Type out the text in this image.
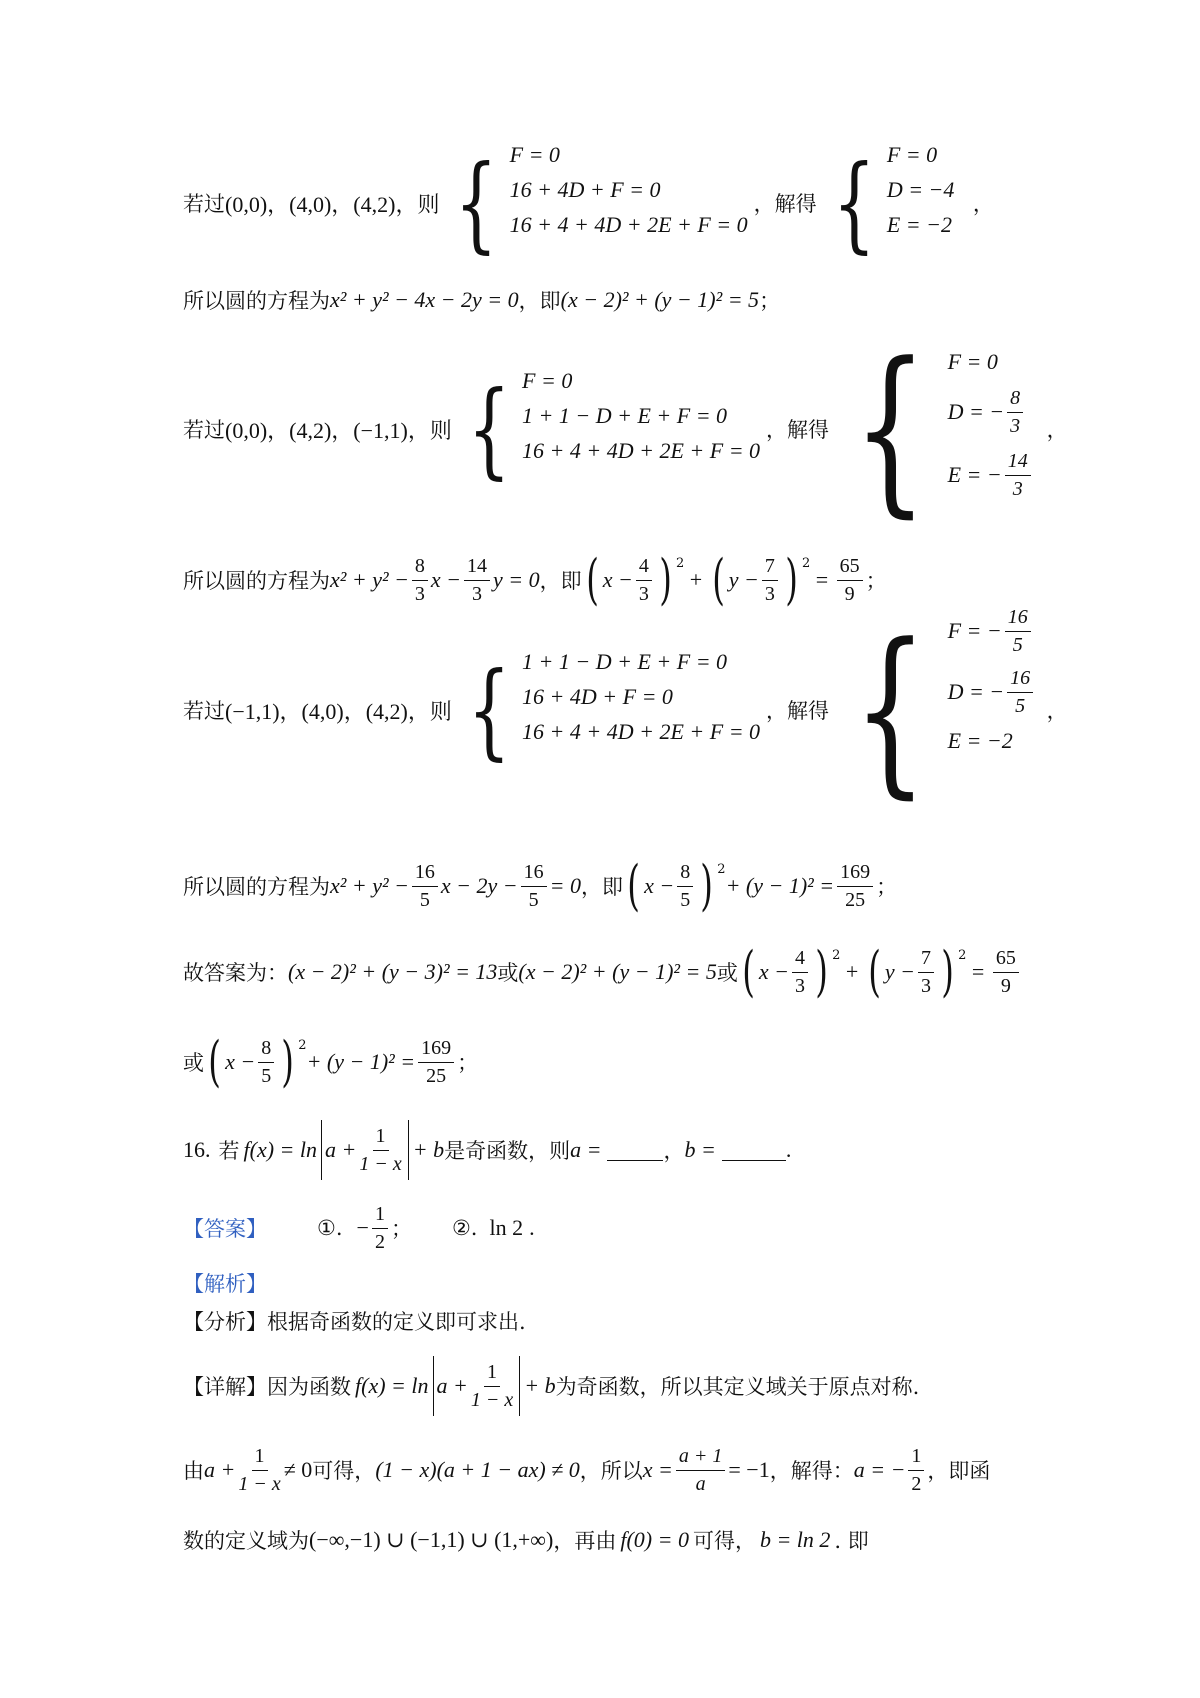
若过 (0,0)，(4,0)，(4,2)，则 { F = 0
16 + 4D + F = 0
16 + 4 + 4D + 2E + F = 0
，解得 { F = 0
D = −4
E = −2
，
所以圆的方程为 x² + y² − 4x − 2y = 0 ，即 (x − 2)² + (y − 1)² = 5 ；
若过 (0,0)，(4,2)，(−1,1)，则 { F = 0
1 + 1 − D + E + F = 0
16 + 4 + 4D + 2E + F = 0
，解得 { F = 0
D = − $\frac{8}{3}$
E = − $\frac{14}{3}$
，
所以圆的方程为 $x^2 + y^2 - \frac{8}{3}$ $x - \frac{14}{3}$ y = 0 ，即 ( $x - \frac{4}{3}$ ) 2
+ ( $y - \frac{7}{3}$ ) 2
= $\frac{65}{9}$ ；
若过 (−1,1)，(4,0)，(4,2)，则 { 1 + 1 − D + E + F = 0
16 + 4D + F = 0
16 + 4 + 4D + 2E + F = 0
，解得 { F = − $\frac{16}{5}$
D = − $\frac{16}{5}$
E = −2
，
所以圆的方程为 $x^2 + y^2 - \frac{16}{5}$ $x - 2y - \frac{16}{5} = 0$ ，即 ( $x - \frac{8}{5}$ ) 2
+ $(y - 1)^2 = \frac{169}{25}$ ；
故答案为： (x − 2)² + (y − 3)² = 13 或 (x − 2)² + (y − 1)² = 5 或 ( $x - \frac{4}{3}$ ) 2
+ ( $y - \frac{7}{3}$ ) 2
= $\frac{65}{9}$
或 ( $x - \frac{8}{5}$ ) 2
+ $(y - 1)^2 = \frac{169}{25}$ ；
16. 若 $f(x) = \ln a + \frac{1}{1 - x} + b$ 是奇函数，则 a =	， b =	.
【答案】 ①. − $\frac{1}{2}$ ； ②. ln 2 .
【解析】
【分析】 根据奇函数的定义即可求出.
【详解】 因为函数 $f(x) = \ln a + \frac{1}{1 - x} + b$ 为奇函数，所以其定义域关于原点对称.
由 $a + \frac{1}{1 - x} \ne 0$ 可得， (1 − x)(a + 1 − ax) ≠ 0 ，所以 $x = \frac{a + 1}{a} = -1$ ，解得： a = − $\frac{1}{2}$ ，即函
数的定义域为 (−∞,−1) ∪ (−1,1) ∪ (1,+∞) ，再由 f(0) = 0 可得， b = ln 2 . 即
